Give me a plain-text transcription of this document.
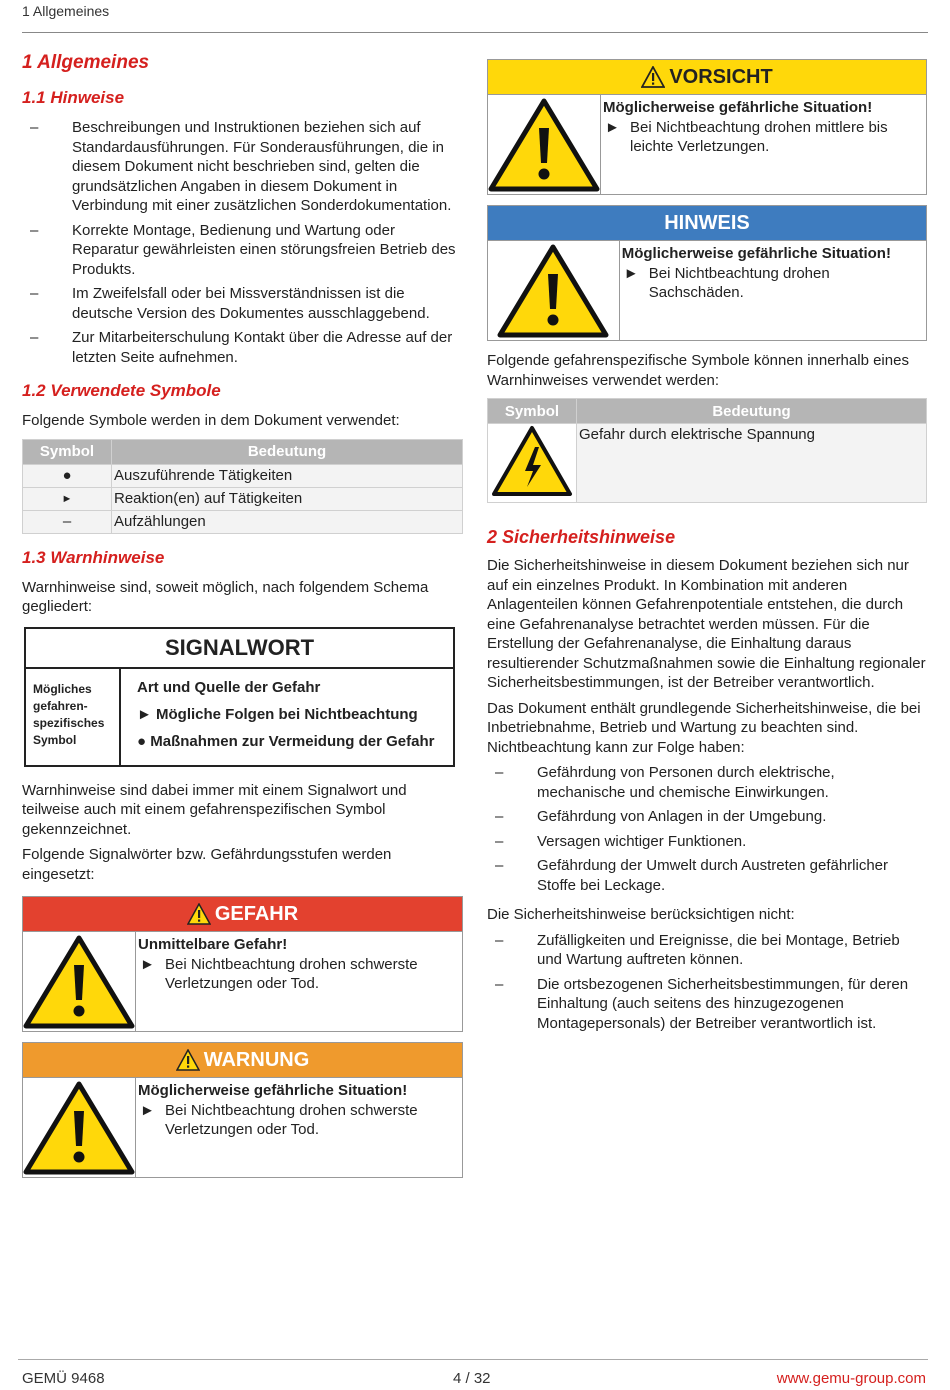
1 Allgemeines
1 Allgemeines
1.1 Hinweise
– Beschreibungen und Instruktionen beziehen sich auf Standardausführungen. Für Sonderausführungen, die in diesem Dokument nicht beschrieben sind, gelten die grundsätzlichen Angaben in diesem Dokument in Verbindung mit einer zusätzlichen Sonderdokumentation.
– Korrekte Montage, Bedienung und Wartung oder Reparatur gewährleisten einen störungsfreien Betrieb des Produkts.
– Im Zweifelsfall oder bei Missverständnissen ist die deutsche Version des Dokumentes ausschlaggebend.
– Zur Mitarbeiterschulung Kontakt über die Adresse auf der letzten Seite aufnehmen.
1.2 Verwendete Symbole

Folgende Symbole werden in dem Dokument verwendet:

Symbol	Bedeutung
●	Auszuführende Tätigkeiten
►	Reaktion(en) auf Tätigkeiten
–	Aufzählungen
1.3 Warnhinweise

Warnhinweise sind, soweit möglich, nach folgendem Schema gegliedert:

SIGNALWORT
Mögliches gefahren-spezifisches Symbol
Art und Quelle der Gefahr
► Mögliche Folgen bei Nichtbeachtung
● Maßnahmen zur Vermeidung der Gefahr

Warnhinweise sind dabei immer mit einem Signalwort und teilweise auch mit einem gefahrenspezifischen Symbol gekennzeichnet.

Folgende Signalwörter bzw. Gefährdungsstufen werden eingesetzt:

GEFAHR
Unmittelbare Gefahr!
► Bei Nichtbeachtung drohen schwerste Verletzungen oder Tod.
WARNUNG
Möglicherweise gefährliche Situation!
► Bei Nichtbeachtung drohen schwerste Verletzungen oder Tod.
VORSICHT
Möglicherweise gefährliche Situation!
► Bei Nichtbeachtung drohen mittlere bis leichte Verletzungen.
HINWEIS
Möglicherweise gefährliche Situation!
► Bei Nichtbeachtung drohen Sachschäden.

Folgende gefahrenspezifische Symbole können innerhalb eines Warnhinweises verwendet werden:

Symbol	Bedeutung
	Gefahr durch elektrische Spannung
2 Sicherheitshinweise

Die Sicherheitshinweise in diesem Dokument beziehen sich nur auf ein einzelnes Produkt. In Kombination mit anderen Anlagenteilen können Gefahrenpotentiale entstehen, die durch eine Gefahrenanalyse betrachtet werden müssen. Für die Erstellung der Gefahrenanalyse, die Einhaltung daraus resultierender Schutzmaßnahmen sowie die Einhaltung regionaler Sicherheitsbestimmungen, ist der Betreiber verantwortlich.

Das Dokument enthält grundlegende Sicherheitshinweise, die bei Inbetriebnahme, Betrieb und Wartung zu beachten sind. Nichtbeachtung kann zur Folge haben:

– Gefährdung von Personen durch elektrische, mechanische und chemische Einwirkungen.
– Gefährdung von Anlagen in der Umgebung.
– Versagen wichtiger Funktionen.
– Gefährdung der Umwelt durch Austreten gefährlicher Stoffe bei Leckage.

Die Sicherheitshinweise berücksichtigen nicht:

– Zufälligkeiten und Ereignisse, die bei Montage, Betrieb und Wartung auftreten können.
– Die ortsbezogenen Sicherheitsbestimmungen, für deren Einhaltung (auch seitens des hinzugezogenen Montagepersonals) der Betreiber verantwortlich ist.
GEMÜ 9468	4 / 32	www.gemu-group.com
